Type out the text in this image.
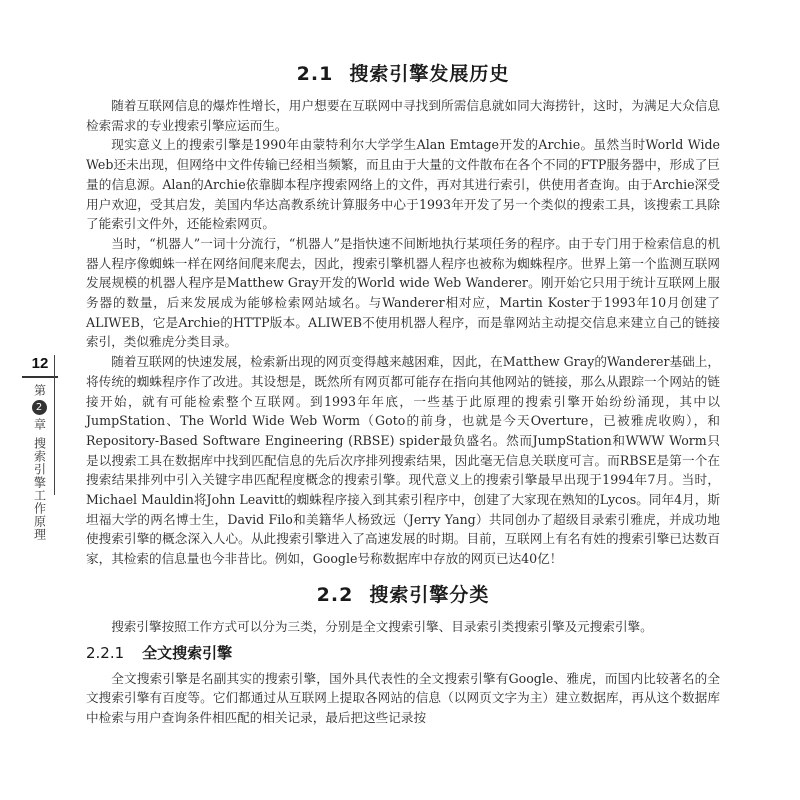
12
第2章搜索引擎工作原理
2.1 搜索引擎发展历史

随着互联网信息的爆炸性增长，用户想要在互联网中寻找到所需信息就如同大海捞针，这时，为满足大众信息检索需求的专业搜索引擎应运而生。

现实意义上的搜索引擎是1990年由蒙特利尔大学学生Alan Emtage开发的Archie。虽然当时World Wide Web还未出现，但网络中文件传输已经相当频繁，而且由于大量的文件散布在各个不同的FTP服务器中，形成了巨量的信息源。Alan的Archie依靠脚本程序搜索网络上的文件，再对其进行索引，供使用者查询。由于Archie深受用户欢迎，受其启发，美国内华达高教系统计算服务中心于1993年开发了另一个类似的搜索工具，该搜索工具除了能索引文件外，还能检索网页。

当时，“机器人”一词十分流行，“机器人”是指快速不间断地执行某项任务的程序。由于专门用于检索信息的机器人程序像蜘蛛一样在网络间爬来爬去，因此，搜索引擎机器人程序也被称为蜘蛛程序。世界上第一个监测互联网发展规模的机器人程序是Matthew Gray开发的World wide Web Wanderer。刚开始它只用于统计互联网上服务器的数量，后来发展成为能够检索网站域名。与Wanderer相对应，Martin Koster于1993年10月创建了ALIWEB，它是Archie的HTTP版本。ALIWEB不使用机器人程序，而是靠网站主动提交信息来建立自己的链接索引，类似雅虎分类目录。

随着互联网的快速发展，检索新出现的网页变得越来越困难，因此，在Matthew Gray的Wanderer基础上，将传统的蜘蛛程序作了改进。其设想是，既然所有网页都可能存在指向其他网站的链接，那么从跟踪一个网站的链接开始，就有可能检索整个互联网。到1993年年底，一些基于此原理的搜索引擎开始纷纷涌现，其中以JumpStation、The World Wide Web Worm（Goto的前身，也就是今天Overture，已被雅虎收购），和Repository-Based Software Engineering (RBSE) spider最负盛名。然而JumpStation和WWW Worm只是以搜索工具在数据库中找到匹配信息的先后次序排列搜索结果，因此毫无信息关联度可言。而RBSE是第一个在搜索结果排列中引入关键字串匹配程度概念的搜索引擎。现代意义上的搜索引擎最早出现于1994年7月。当时，Michael Mauldin将John Leavitt的蜘蛛程序接入到其索引程序中，创建了大家现在熟知的Lycos。同年4月，斯坦福大学的两名博士生，David Filo和美籍华人杨致远（Jerry Yang）共同创办了超级目录索引雅虎，并成功地使搜索引擎的概念深入人心。从此搜索引擎进入了高速发展的时期。目前，互联网上有名有姓的搜索引擎已达数百家，其检索的信息量也今非昔比。例如，Google号称数据库中存放的网页已达40亿！

2.2 搜索引擎分类

搜索引擎按照工作方式可以分为三类，分别是全文搜索引擎、目录索引类搜索引擎及元搜索引擎。

2.2.1 全文搜索引擎

全文搜索引擎是名副其实的搜索引擎，国外具代表性的全文搜索引擎有Google、雅虎，而国内比较著名的全文搜索引擎有百度等。它们都通过从互联网上提取各网站的信息（以网页文字为主）建立数据库，再从这个数据库中检索与用户查询条件相匹配的相关记录，最后把这些记录按
